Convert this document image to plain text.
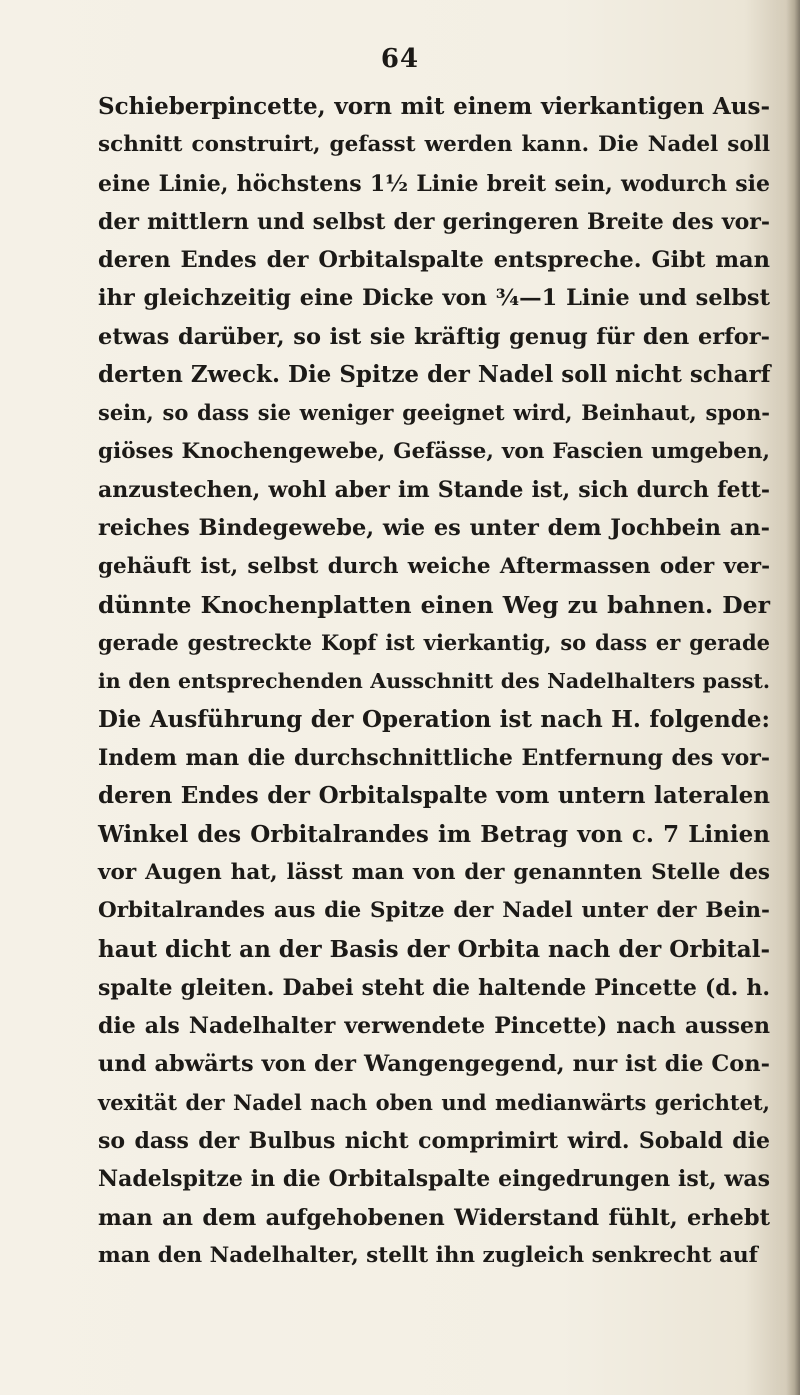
64
Schieberpincette, vorn mit einem vierkantigen Aus-
schnitt construirt, gefasst werden kann. Die Nadel soll
eine Linie, höchstens 1½ Linie breit sein, wodurch sie
der mittlern und selbst der geringeren Breite des vor-
deren Endes der Orbitalspalte entspreche. Gibt man
ihr gleichzeitig eine Dicke von ¾—1 Linie und selbst
etwas darüber, so ist sie kräftig genug für den erfor-
derten Zweck. Die Spitze der Nadel soll nicht scharf
sein, so dass sie weniger geeignet wird, Beinhaut, spon-
giöses Knochengewebe, Gefässe, von Fascien umgeben,
anzustechen, wohl aber im Stande ist, sich durch fett-
reiches Bindegewebe, wie es unter dem Jochbein an-
gehäuft ist, selbst durch weiche Aftermassen oder ver-
dünnte Knochenplatten einen Weg zu bahnen. Der
gerade gestreckte Kopf ist vierkantig, so dass er gerade
in den entsprechenden Ausschnitt des Nadelhalters passt.
Die Ausführung der Operation ist nach H. folgende:
Indem man die durchschnittliche Entfernung des vor-
deren Endes der Orbitalspalte vom untern lateralen
Winkel des Orbitalrandes im Betrag von c. 7 Linien
vor Augen hat, lässt man von der genannten Stelle des
Orbitalrandes aus die Spitze der Nadel unter der Bein-
haut dicht an der Basis der Orbita nach der Orbital-
spalte gleiten. Dabei steht die haltende Pincette (d. h.
die als Nadelhalter verwendete Pincette) nach aussen
und abwärts von der Wangengegend, nur ist die Con-
vexität der Nadel nach oben und medianwärts gerichtet,
so dass der Bulbus nicht comprimirt wird. Sobald die
Nadelspitze in die Orbitalspalte eingedrungen ist, was
man an dem aufgehobenen Widerstand fühlt, erhebt
man den Nadelhalter, stellt ihn zugleich senkrecht auf
